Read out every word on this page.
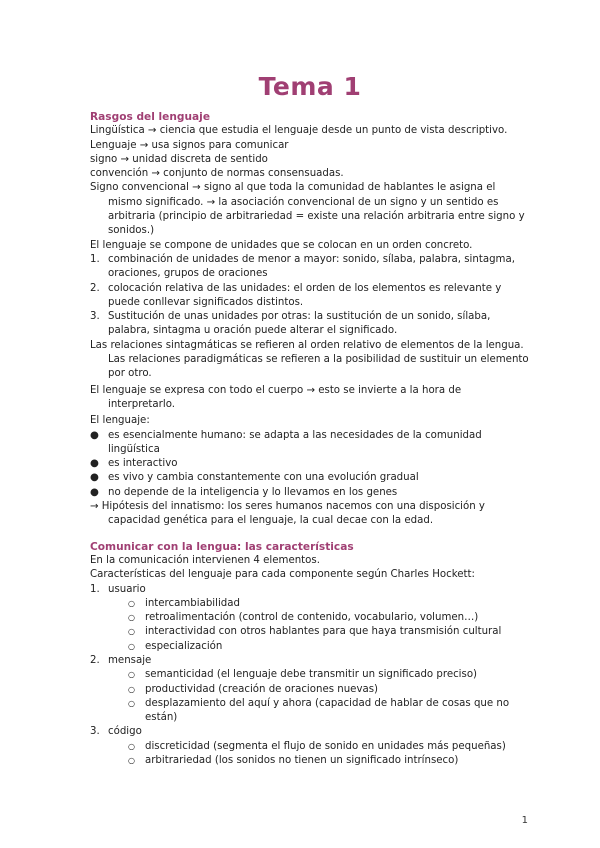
Tema 1
Rasgos del lenguaje

Lingüística → ciencia que estudia el lenguaje desde un punto de vista descriptivo.

Lenguaje → usa signos para comunicar

signo → unidad discreta de sentido

convención → conjunto de normas consensuadas.

Signo convencional → signo al que toda la comunidad de hablantes le asigna el mismo significado. → la asociación convencional de un signo y un sentido es arbitraria (principio de arbitrariedad = existe una relación arbitraria entre signo y sonidos.)

El lenguaje se compone de unidades que se colocan en un orden concreto.

1. combinación de unidades de menor a mayor: sonido, sílaba, palabra, sintagma, oraciones, grupos de oraciones
2. colocación relativa de las unidades: el orden de los elementos es relevante y puede conllevar significados distintos.
3. Sustitución de unas unidades por otras: la sustitución de un sonido, sílaba, palabra, sintagma u oración puede alterar el significado.

Las relaciones sintagmáticas se refieren al orden relativo de elementos de la lengua. Las relaciones paradigmáticas se refieren a la posibilidad de sustituir un elemento por otro.

El lenguaje se expresa con todo el cuerpo → esto se invierte a la hora de interpretarlo.

El lenguaje:

● es esencialmente humano: se adapta a las necesidades de la comunidad lingüística
● es interactivo
● es vivo y cambia constantemente con una evolución gradual
● no depende de la inteligencia y lo llevamos en los genes

→ Hipótesis del innatismo: los seres humanos nacemos con una disposición y capacidad genética para el lenguaje, la cual decae con la edad.

Comunicar con la lengua: las características

En la comunicación intervienen 4 elementos.

Características del lenguaje para cada componente según Charles Hockett:

1. usuario
○ intercambiabilidad
○ retroalimentación (control de contenido, vocabulario, volumen…)
○ interactividad con otros hablantes para que haya transmisión cultural
○ especialización
2. mensaje
○ semanticidad (el lenguaje debe transmitir un significado preciso)
○ productividad (creación de oraciones nuevas)
○ desplazamiento del aquí y ahora (capacidad de hablar de cosas que no están)
3. código
○ discreticidad (segmenta el flujo de sonido en unidades más pequeñas)
○ arbitrariedad (los sonidos no tienen un significado intrínseco)
1
